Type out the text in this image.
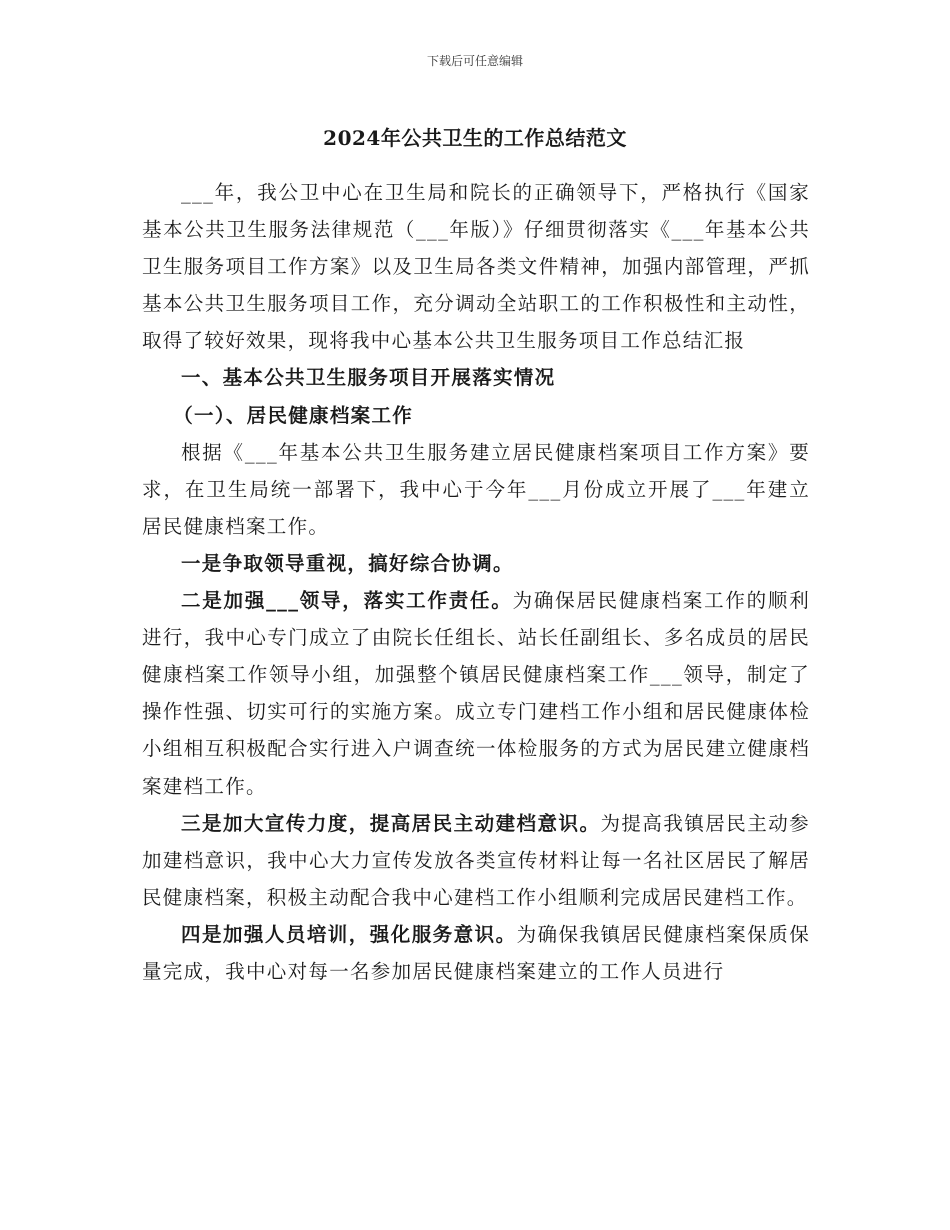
下载后可任意编辑
2024年公共卫生的工作总结范文

___年，我公卫中心在卫生局和院长的正确领导下，严格执行《国家基本公共卫生服务法律规范（___年版）》仔细贯彻落实《___年基本公共卫生服务项目工作方案》以及卫生局各类文件精神，加强内部管理，严抓基本公共卫生服务项目工作，充分调动全站职工的工作积极性和主动性，取得了较好效果，现将我中心基本公共卫生服务项目工作总结汇报

一、基本公共卫生服务项目开展落实情况

（一）、居民健康档案工作

根据《___年基本公共卫生服务建立居民健康档案项目工作方案》要求，在卫生局统一部署下，我中心于今年___月份成立开展了___年建立居民健康档案工作。

一是争取领导重视，搞好综合协调。

二是加强___领导，落实工作责任。为确保居民健康档案工作的顺利进行，我中心专门成立了由院长任组长、站长任副组长、多名成员的居民健康档案工作领导小组，加强整个镇居民健康档案工作___领导，制定了操作性强、切实可行的实施方案。成立专门建档工作小组和居民健康体检小组相互积极配合实行进入户调查统一体检服务的方式为居民建立健康档案建档工作。

三是加大宣传力度，提高居民主动建档意识。为提高我镇居民主动参加建档意识，我中心大力宣传发放各类宣传材料让每一名社区居民了解居民健康档案，积极主动配合我中心建档工作小组顺利完成居民建档工作。

四是加强人员培训，强化服务意识。为确保我镇居民健康档案保质保量完成，我中心对每一名参加居民健康档案建立的工作人员进行
